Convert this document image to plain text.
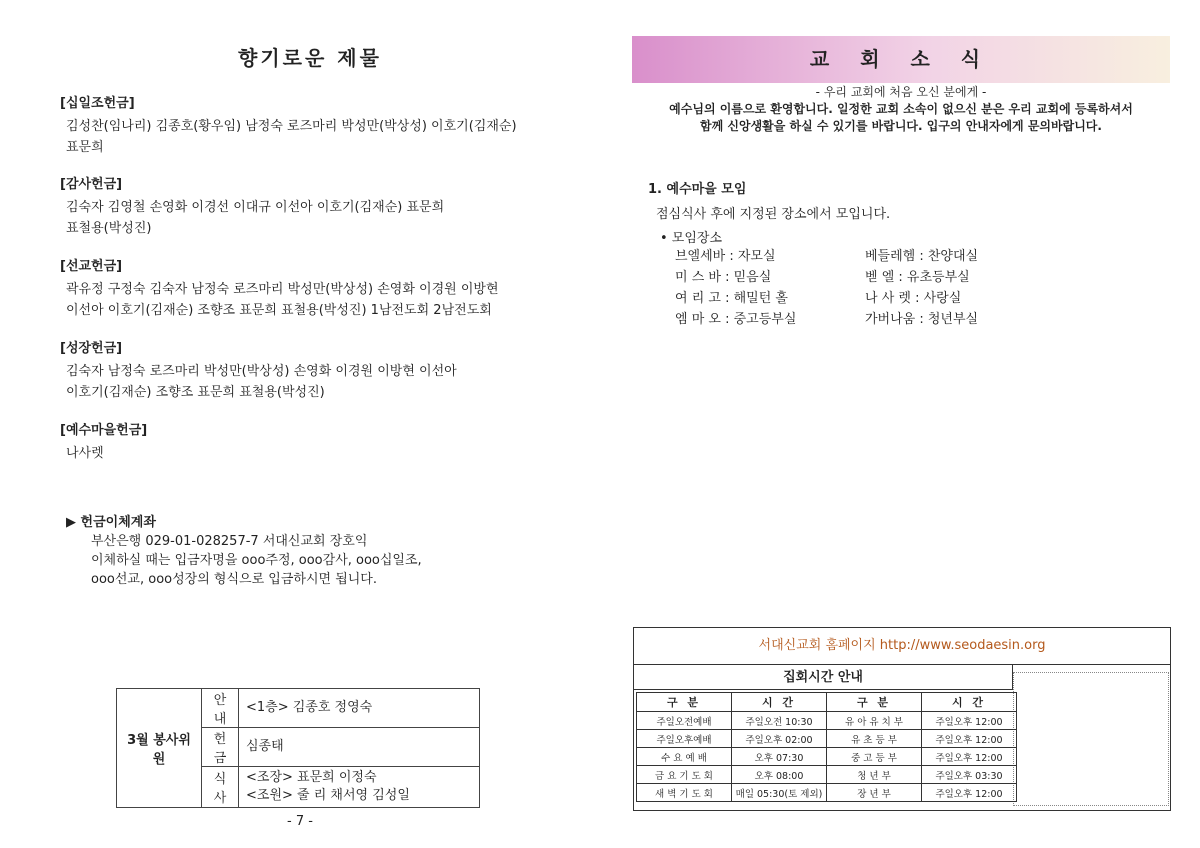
향기로운 제물
[십일조헌금]
김성찬(임나리) 김종호(황우임) 남정숙 로즈마리 박성만(박상성) 이호기(김재순)
표문희
[감사헌금]
김숙자 김영철 손영화 이경선 이대규 이선아 이호기(김재순) 표문희
표철용(박성진)
[선교헌금]
곽유정 구정숙 김숙자 남정숙 로즈마리 박성만(박상성) 손영화 이경원 이방현
이선아 이호기(김재순) 조향조 표문희 표철용(박성진) 1남전도회 2남전도회
[성장헌금]
김숙자 남정숙 로즈마리 박성만(박상성) 손영화 이경원 이방현 이선아
이호기(김재순) 조향조 표문희 표철용(박성진)
[예수마을헌금]
나사렛
▶ 헌금이체계좌
부산은행 029-01-028257-7 서대신교회 장호익
이체하실 때는 입금자명을 ooo주정, ooo감사, ooo십일조,
ooo선교, ooo성장의 형식으로 입금하시면 됩니다.
3월 봉사위원	안내	<1층> 김종호 정영숙
	헌금	심종태
	식사	<조장> 표문희 이정숙
<조원> 줄 리 채서영 김성일
- 7 -
교 회 소 식
- 우리 교회에 처음 오신 분에게 -
예수님의 이름으로 환영합니다. 일정한 교회 소속이 없으신 분은 우리 교회에 등록하셔서
함께 신앙생활을 하실 수 있기를 바랍니다. 입구의 안내자에게 문의바랍니다.
1. 예수마을 모임
점심식사 후에 지정된 장소에서 모입니다.
• 모임장소
브엘세바 : 자모실	베들레헴 : 찬양대실
미 스 바 : 믿음실	벧 엘 : 유초등부실
여 리 고 : 해밀턴 홀	나 사 렛 : 사랑실
엠 마 오 : 중고등부실	가버나움 : 청년부실
서대신교회 홈페이지 http://www.seodaesin.org
집회시간 안내
구 분	시 간	구 분	시 간
주일오전예배	주일오전 10:30	유 아 유 치 부	주일오후 12:00
주일오후예배	주일오후 02:00	유 초 등 부	주일오후 12:00
수 요 예 배	오후 07:30	중 고 등 부	주일오후 12:00
금 요 기 도 회	오후 08:00	청 년 부	주일오후 03:30
새 벽 기 도 회	매일 05:30(토 제외)	장 년 부	주일오후 12:00
